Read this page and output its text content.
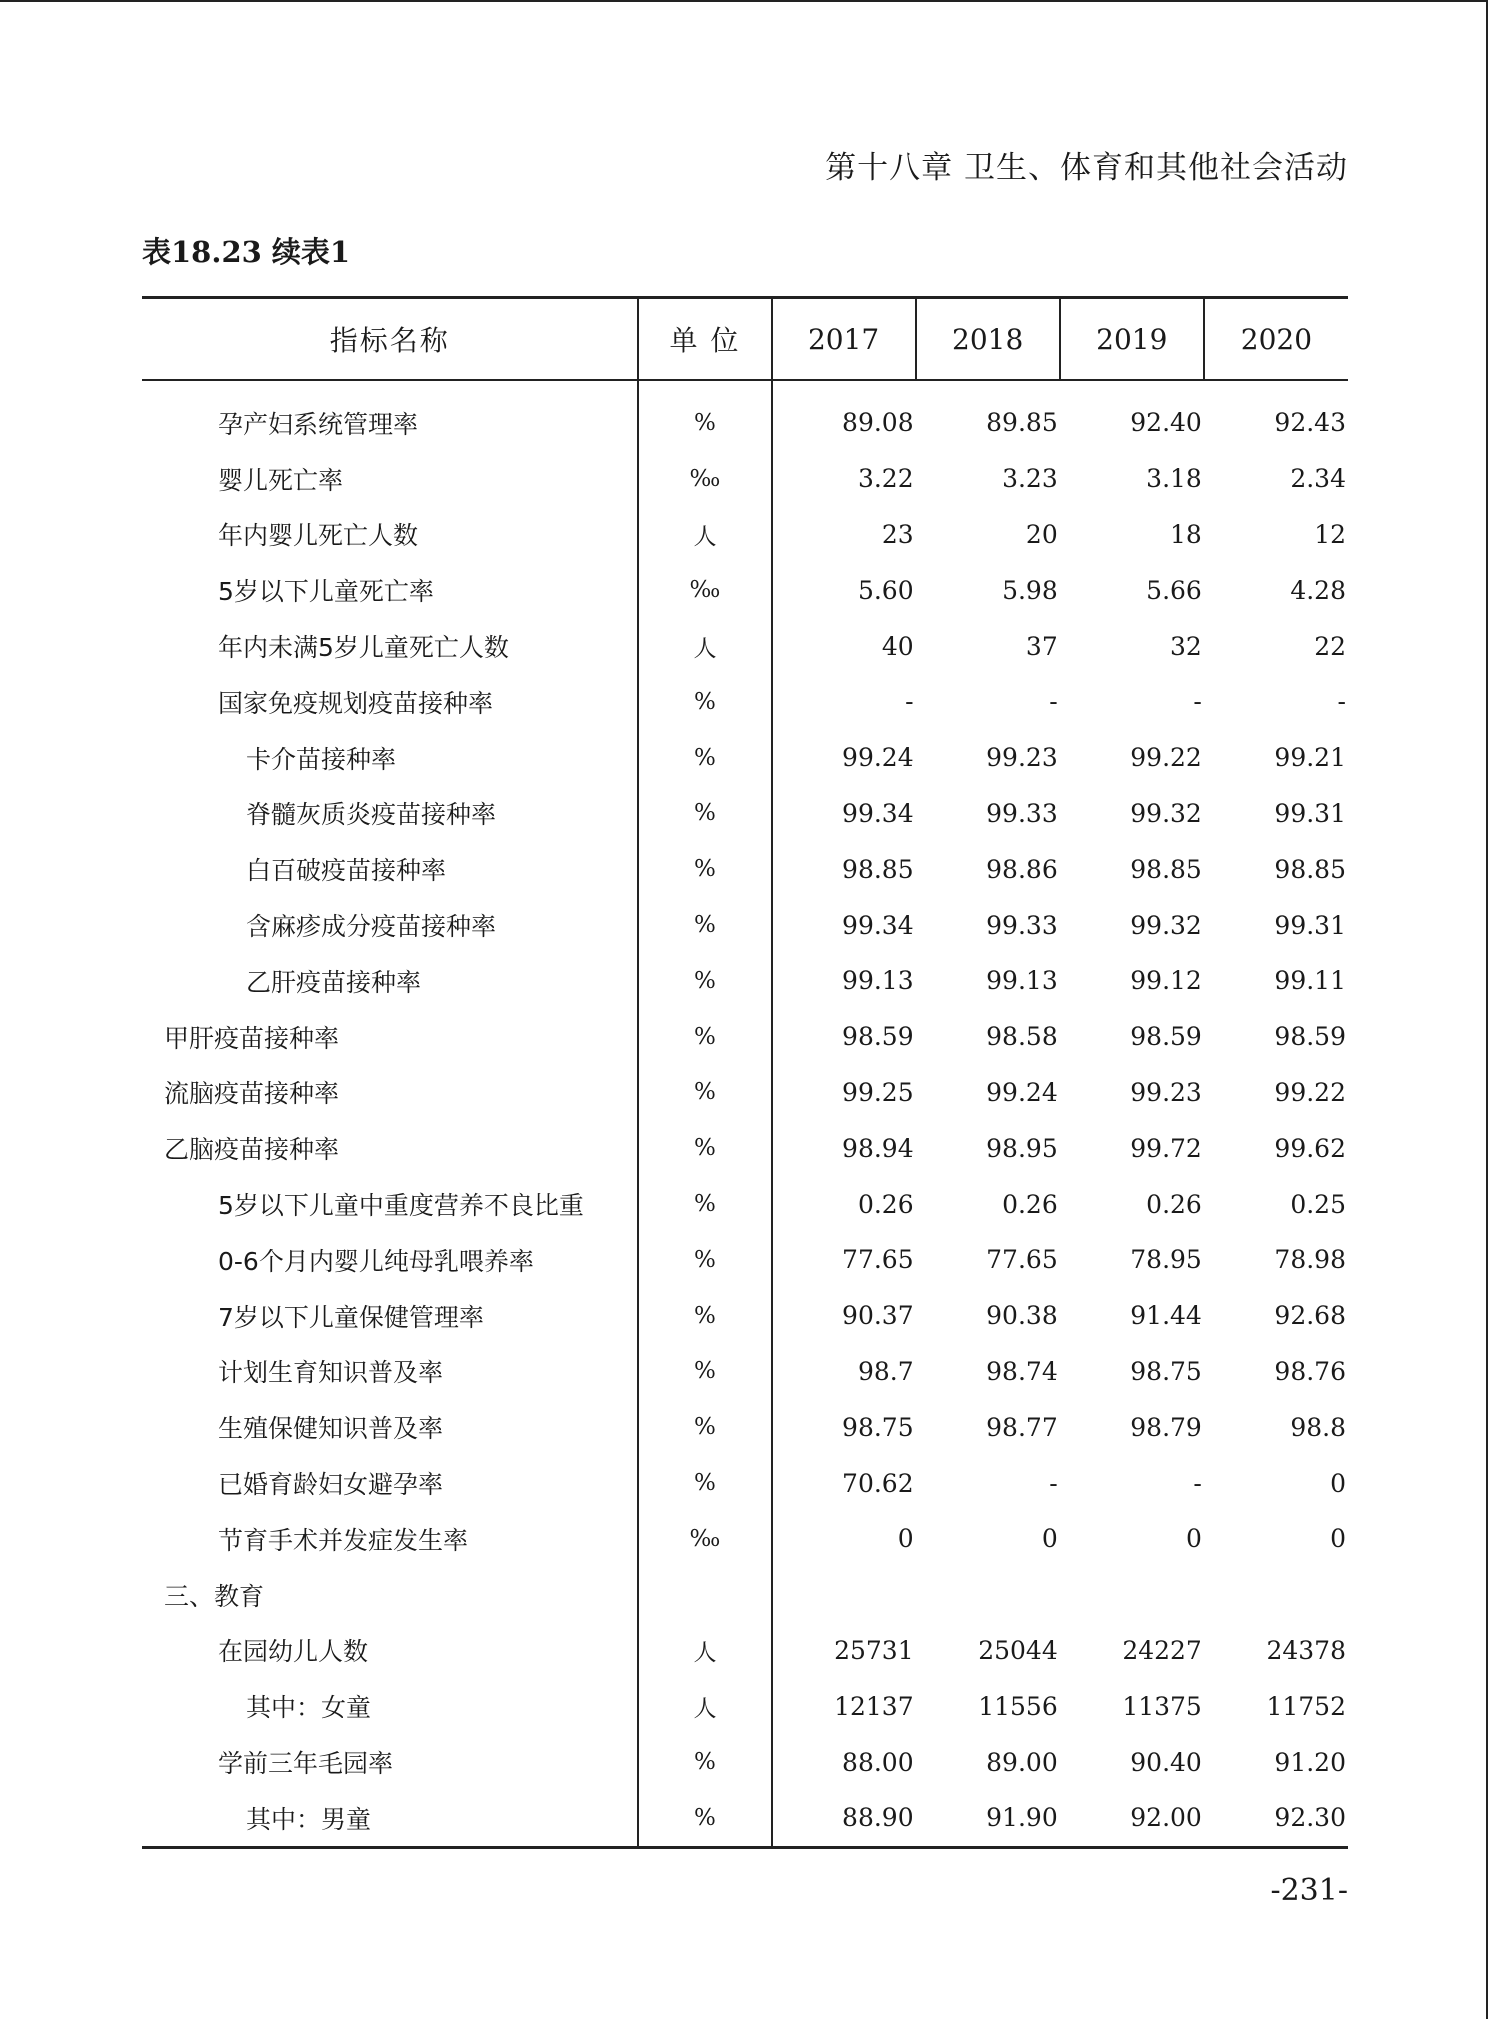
第十八章 卫生、体育和其他社会活动
表18.23 续表1
指标名称	单 位	2017	2018	2019	2020
孕产妇系统管理率	%	89.08	89.85	92.40	92.43
婴儿死亡率	‰	3.22	3.23	3.18	2.34
年内婴儿死亡人数	人	23	20	18	12
5岁以下儿童死亡率	‰	5.60	5.98	5.66	4.28
年内未满5岁儿童死亡人数	人	40	37	32	22
国家免疫规划疫苗接种率	%	-	-	-	-
卡介苗接种率	%	99.24	99.23	99.22	99.21
脊髓灰质炎疫苗接种率	%	99.34	99.33	99.32	99.31
白百破疫苗接种率	%	98.85	98.86	98.85	98.85
含麻疹成分疫苗接种率	%	99.34	99.33	99.32	99.31
乙肝疫苗接种率	%	99.13	99.13	99.12	99.11
甲肝疫苗接种率	%	98.59	98.58	98.59	98.59
流脑疫苗接种率	%	99.25	99.24	99.23	99.22
乙脑疫苗接种率	%	98.94	98.95	99.72	99.62
5岁以下儿童中重度营养不良比重	%	0.26	0.26	0.26	0.25
0-6个月内婴儿纯母乳喂养率	%	77.65	77.65	78.95	78.98
7岁以下儿童保健管理率	%	90.37	90.38	91.44	92.68
计划生育知识普及率	%	98.7	98.74	98.75	98.76
生殖保健知识普及率	%	98.75	98.77	98.79	98.8
已婚育龄妇女避孕率	%	70.62	-	-	0
节育手术并发症发生率	‰	0	0	0	0
三、教育					
在园幼儿人数	人	25731	25044	24227	24378
其中：女童	人	12137	11556	11375	11752
学前三年毛园率	%	88.00	89.00	90.40	91.20
其中：男童	%	88.90	91.90	92.00	92.30
-231-
